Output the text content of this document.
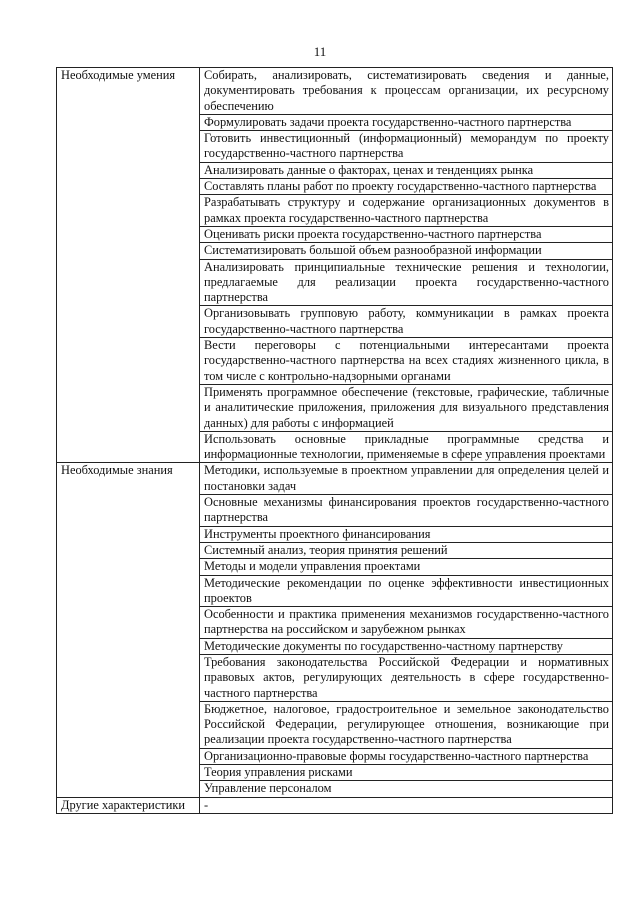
11
Необходимые умения	Собирать, анализировать, систематизировать сведения и данные, документировать требования к процессам организации, их ресурсному обеспечению
	Формулировать задачи проекта государственно-частного партнерства
	Готовить инвестиционный (информационный) меморандум по проекту государственно-частного партнерства
	Анализировать данные о факторах, ценах и тенденциях рынка
	Составлять планы работ по проекту государственно-частного партнерства
	Разрабатывать структуру и содержание организационных документов в рамках проекта государственно-частного партнерства
	Оценивать риски проекта государственно-частного партнерства
	Систематизировать большой объем разнообразной информации
	Анализировать принципиальные технические решения и технологии, предлагаемые для реализации проекта государственно-частного партнерства
	Организовывать групповую работу, коммуникации в рамках проекта государственно-частного партнерства
	Вести переговоры с потенциальными интересантами проекта государственно-частного партнерства на всех стадиях жизненного цикла, в том числе с контрольно-надзорными органами
	Применять программное обеспечение (текстовые, графические, табличные и аналитические приложения, приложения для визуального представления данных) для работы с информацией
	Использовать основные прикладные программные средства и информационные технологии, применяемые в сфере управления проектами
Необходимые знания	Методики, используемые в проектном управлении для определения целей и постановки задач
	Основные механизмы финансирования проектов государственно-частного партнерства
	Инструменты проектного финансирования
	Системный анализ, теория принятия решений
	Методы и модели управления проектами
	Методические рекомендации по оценке эффективности инвестиционных проектов
	Особенности и практика применения механизмов государственно-частного партнерства на российском и зарубежном рынках
	Методические документы по государственно-частному партнерству
	Требования законодательства Российской Федерации и нормативных правовых актов, регулирующих деятельность в сфере государственно-частного партнерства
	Бюджетное, налоговое, градостроительное и земельное законодательство Российской Федерации, регулирующее отношения, возникающие при реализации проекта государственно-частного партнерства
	Организационно-правовые формы государственно-частного партнерства
	Теория управления рисками
	Управление персоналом
Другие характеристики	-
